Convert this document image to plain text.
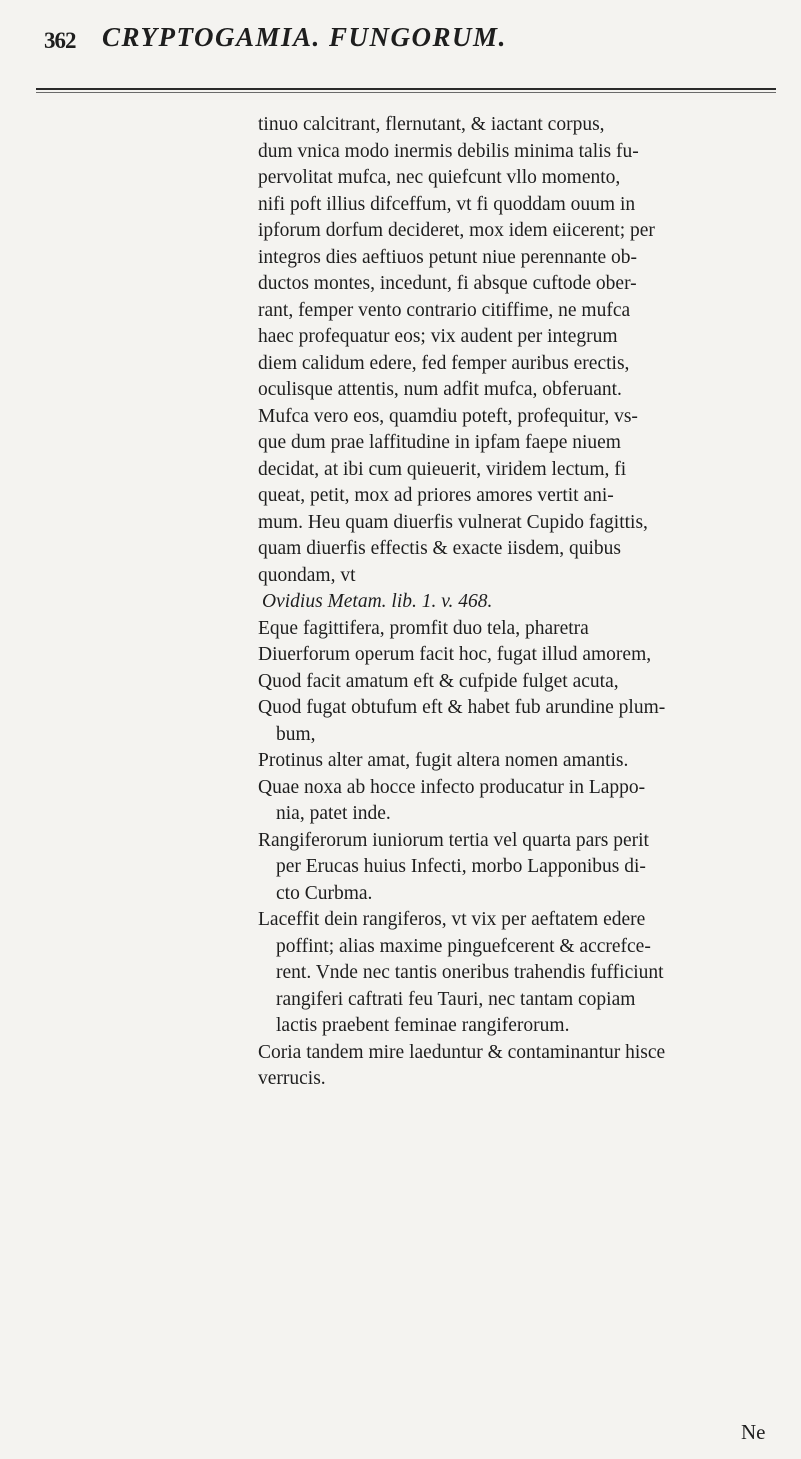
362 CRYPTOGAMIA. FUNGORUM.
tinuo calcitrant, flernutant, & iactant corpus,
dum vnica modo inermis debilis minima talis fu-
pervolitat mufca, nec quiefcunt vllo momento,
nifi poft illius difceffum, vt fi quoddam ouum in
ipforum dorfum decideret, mox idem eiicerent; per
integros dies aeftiuos petunt niue perennante ob-
ductos montes, incedunt, fi absque cuftode ober-
rant, femper vento contrario citiffime, ne mufca
haec profequatur eos; vix audent per integrum
diem calidum edere, fed femper auribus erectis,
oculisque attentis, num adfit mufca, obferuant.
Mufca vero eos, quamdiu poteft, profequitur, vs-
que dum prae laffitudine in ipfam faepe niuem
decidat, at ibi cum quieuerit, viridem lectum, fi
queat, petit, mox ad priores amores vertit ani-
mum. Heu quam diuerfis vulnerat Cupido fagittis,
quam diuerfis effectis & exacte iisdem, quibus
quondam, vt
Ovidius Metam. lib. 1. v. 468.
Eque fagittifera, promfit duo tela, pharetra
Diuerforum operum facit hoc, fugat illud amorem,
Quod facit amatum eft & cufpide fulget acuta,
Quod fugat obtufum eft & habet fub arundine plum-
bum,
Protinus alter amat, fugit altera nomen amantis.
Quae noxa ab hocce infecto producatur in Lappo-
nia, patet inde.
Rangiferorum iuniorum tertia vel quarta pars perit
per Erucas huius Infecti, morbo Lapponibus di-
cto Curbma.
Laceffit dein rangiferos, vt vix per aeftatem edere
poffint; alias maxime pinguefcerent & accrefce-
rent. Vnde nec tantis oneribus trahendis fufficiunt
rangiferi caftrati feu Tauri, nec tantam copiam
lactis praebent feminae rangiferorum.
Coria tandem mire laeduntur & contaminantur hisce
verrucis.
Ne
